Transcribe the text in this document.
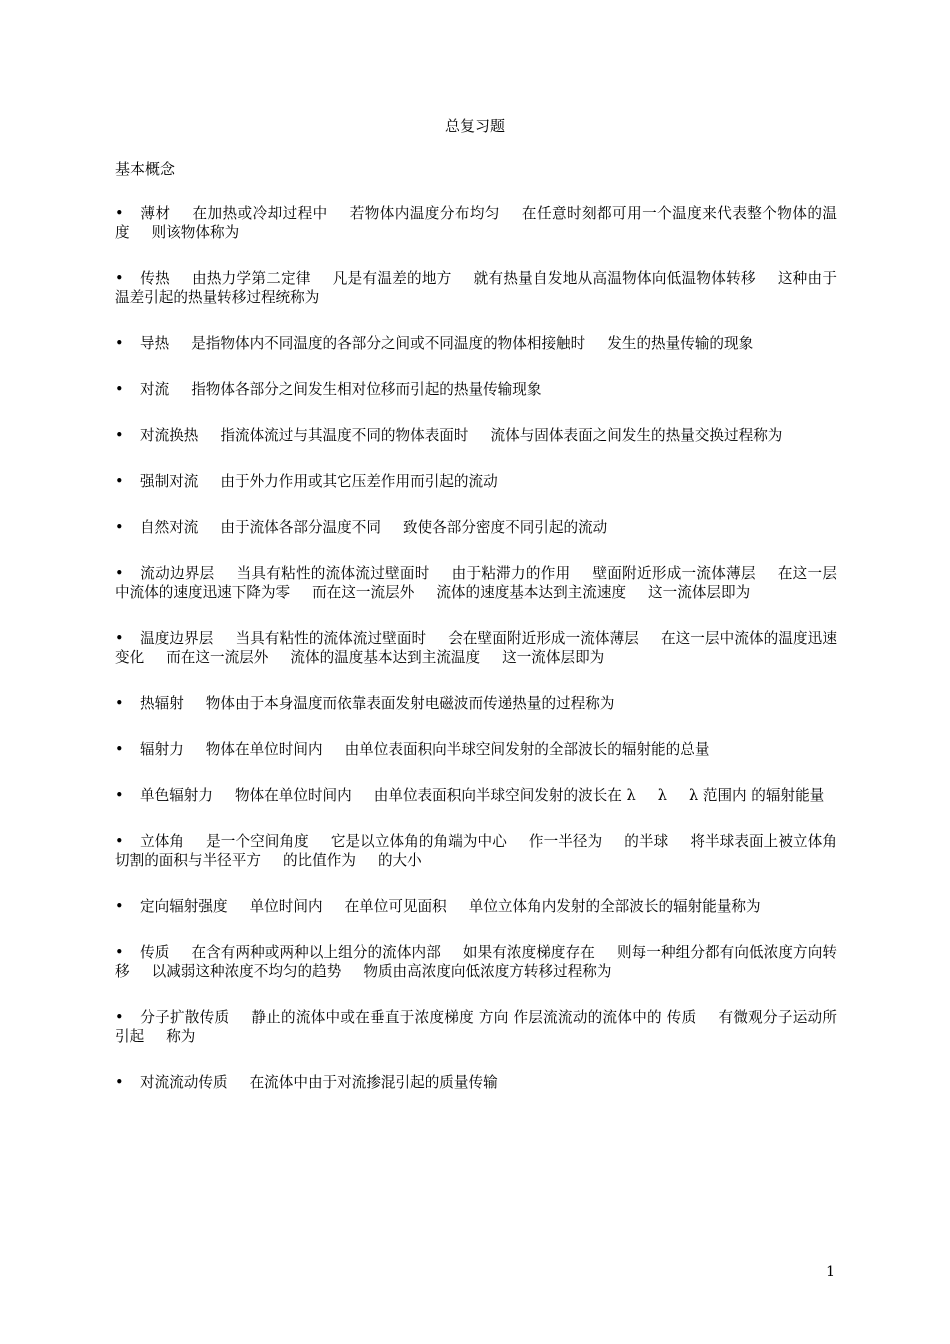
总复习题
基本概念
• 薄材 在加热或冷却过程中 若物体内温度分布均匀 在任意时刻都可用一个温度来代表整个物体的温度 则该物体称为
• 传热 由热力学第二定律 凡是有温差的地方 就有热量自发地从高温物体向低温物体转移 这种由于温差引起的热量转移过程统称为
• 导热 是指物体内不同温度的各部分之间或不同温度的物体相接触时 发生的热量传输的现象
• 对流 指物体各部分之间发生相对位移而引起的热量传输现象
• 对流换热 指流体流过与其温度不同的物体表面时 流体与固体表面之间发生的热量交换过程称为
• 强制对流 由于外力作用或其它压差作用而引起的流动
• 自然对流 由于流体各部分温度不同 致使各部分密度不同引起的流动
• 流动边界层 当具有粘性的流体流过壁面时 由于粘滞力的作用 壁面附近形成一流体薄层 在这一层中流体的速度迅速下降为零 而在这一流层外 流体的速度基本达到主流速度 这一流体层即为
• 温度边界层 当具有粘性的流体流过壁面时 会在壁面附近形成一流体薄层 在这一层中流体的温度迅速变化 而在这一流层外 流体的温度基本达到主流温度 这一流体层即为
• 热辐射 物体由于本身温度而依靠表面发射电磁波而传递热量的过程称为
• 辐射力 物体在单位时间内 由单位表面积向半球空间发射的全部波长的辐射能的总量
• 单色辐射力 物体在单位时间内 由单位表面积向半球空间发射的波长在 λ λ λ 范围内 的辐射能量
• 立体角 是一个空间角度 它是以立体角的角端为中心 作一半径为 的半球 将半球表面上被立体角切割的面积与半径平方 的比值作为 的大小
• 定向辐射强度 单位时间内 在单位可见面积 单位立体角内发射的全部波长的辐射能量称为
• 传质 在含有两种或两种以上组分的流体内部 如果有浓度梯度存在 则每一种组分都有向低浓度方向转移 以减弱这种浓度不均匀的趋势 物质由高浓度向低浓度方转移过程称为
• 分子扩散传质 静止的流体中或在垂直于浓度梯度 方向 作层流流动的流体中的 传质 有微观分子运动所引起 称为
• 对流流动传质 在流体中由于对流掺混引起的质量传输
1
